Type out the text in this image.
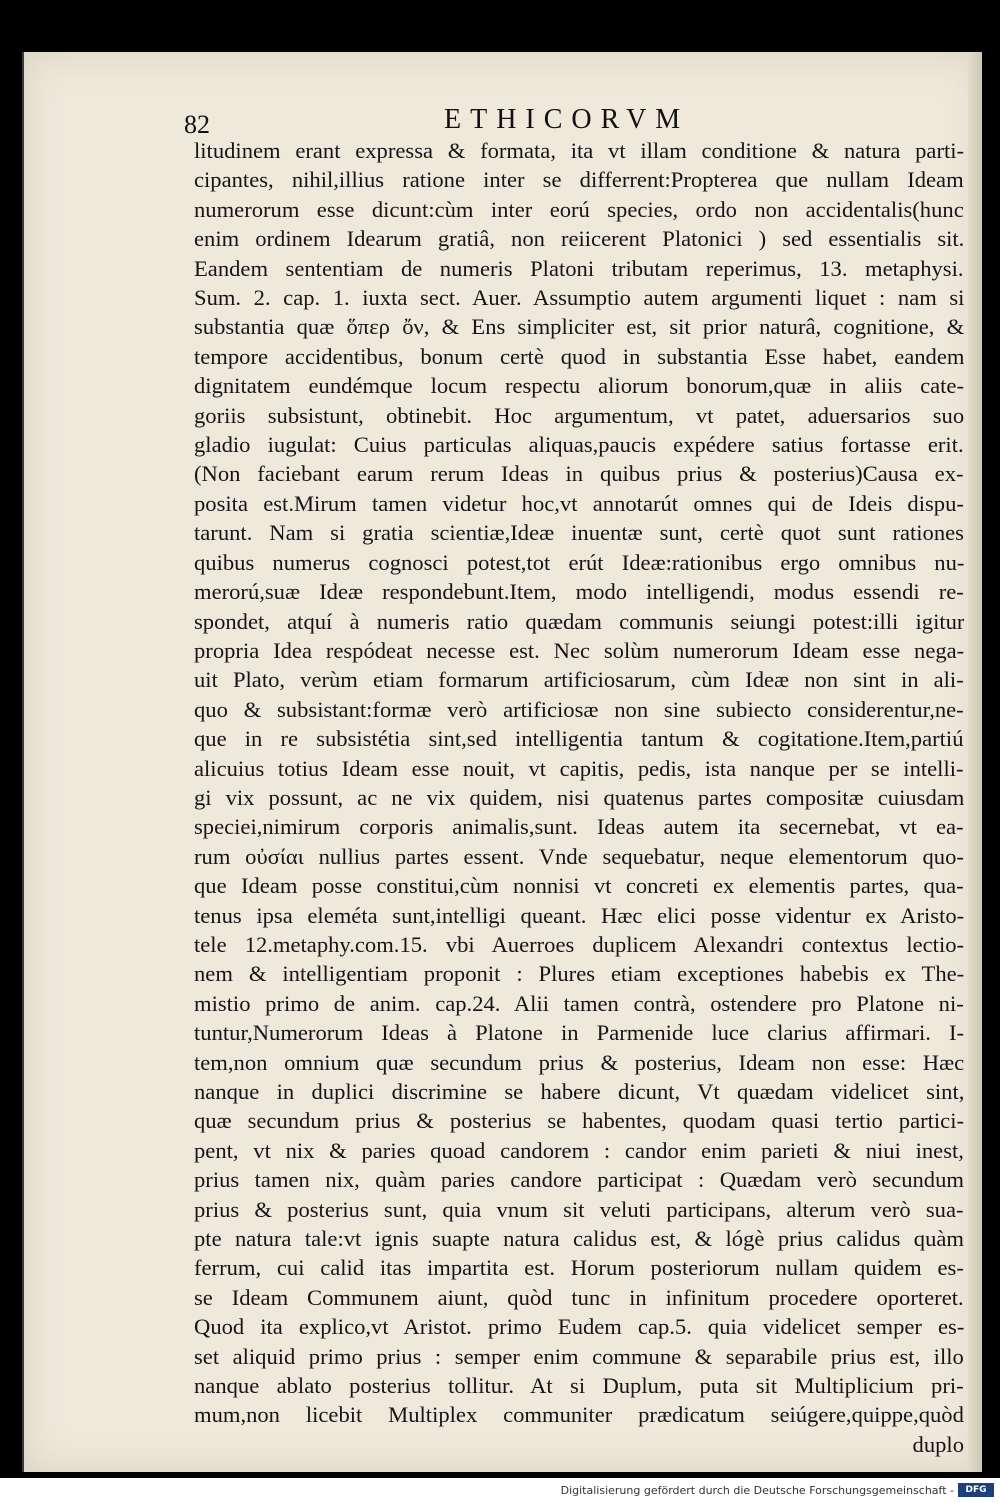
82	ETHICORVM
litudinem erant expressa & formata, ita vt illam conditione & natura parti-
cipantes, nihil,illius ratione inter se differrent:Propterea que nullam Ideam
numerorum esse dicunt:cùm inter eorú species, ordo non accidentalis(hunc
enim ordinem Idearum gratiâ, non reiicerent Platonici ) sed essentialis sit.
Eandem sententiam de numeris Platoni tributam reperimus, 13. metaphysi.
Sum. 2. cap. 1. iuxta sect. Auer. Assumptio autem argumenti liquet : nam si
substantia quæ ὅπερ ὄν, & Ens simpliciter est, sit prior naturâ, cognitione, &
tempore accidentibus, bonum certè quod in substantia Esse habet, eandem
dignitatem eundémque locum respectu aliorum bonorum,quæ in aliis cate-
goriis subsistunt, obtinebit. Hoc argumentum, vt patet, aduersarios suo
gladio iugulat: Cuius particulas aliquas,paucis expédere satius fortasse erit.
(Non faciebant earum rerum Ideas in quibus prius & posterius)Causa ex-
posita est.Mirum tamen videtur hoc,vt annotarút omnes qui de Ideis dispu-
tarunt. Nam si gratia scientiæ,Ideæ inuentæ sunt, certè quot sunt rationes
quibus numerus cognosci potest,tot erút Ideæ:rationibus ergo omnibus nu-
merorú,suæ Ideæ respondebunt.Item, modo intelligendi, modus essendi re-
spondet, atquí à numeris ratio quædam communis seiungi potest:illi igitur
propria Idea respódeat necesse est. Nec solùm numerorum Ideam esse nega-
uit Plato, verùm etiam formarum artificiosarum, cùm Ideæ non sint in ali-
quo & subsistant:formæ verò artificiosæ non sine subiecto considerentur,ne-
que in re subsistétia sint,sed intelligentia tantum & cogitatione.Item,partiú
alicuius totius Ideam esse nouit, vt capitis, pedis, ista nanque per se intelli-
gi vix possunt, ac ne vix quidem, nisi quatenus partes compositæ cuiusdam
speciei,nimirum corporis animalis,sunt. Ideas autem ita secernebat, vt ea-
rum οὐσίαι nullius partes essent. Vnde sequebatur, neque elementorum quo-
que Ideam posse constitui,cùm nonnisi vt concreti ex elementis partes, qua-
tenus ipsa eleméta sunt,intelligi queant. Hæc elici posse videntur ex Aristo-
tele 12.metaphy.com.15. vbi Auerroes duplicem Alexandri contextus lectio-
nem & intelligentiam proponit : Plures etiam exceptiones habebis ex The-
mistio primo de anim. cap.24. Alii tamen contrà, ostendere pro Platone ni-
tuntur,Numerorum Ideas à Platone in Parmenide luce clarius affirmari. I-
tem,non omnium quæ secundum prius & posterius, Ideam non esse: Hæc
nanque in duplici discrimine se habere dicunt, Vt quædam videlicet sint,
quæ secundum prius & posterius se habentes, quodam quasi tertio partici-
pent, vt nix & paries quoad candorem : candor enim parieti & niui inest,
prius tamen nix, quàm paries candore participat : Quædam verò secundum
prius & posterius sunt, quia vnum sit veluti participans, alterum verò sua-
pte natura tale:vt ignis suapte natura calidus est, & lógè prius calidus quàm
ferrum, cui calid itas impartita est. Horum posteriorum nullam quidem es-
se Ideam Communem aiunt, quòd tunc in infinitum procedere oporteret.
Quod ita explico,vt Aristot. primo Eudem cap.5. quia videlicet semper es-
set aliquid primo prius : semper enim commune & separabile prius est, illo
nanque ablato posterius tollitur. At si Duplum, puta sit Multiplicium pri-
mum,non licebit Multiplex communiter prædicatum seiúgere,quippe,quòd
duplo
Digitalisierung gefördert durch die Deutsche Forschungsgemeinschaft -	DFG
